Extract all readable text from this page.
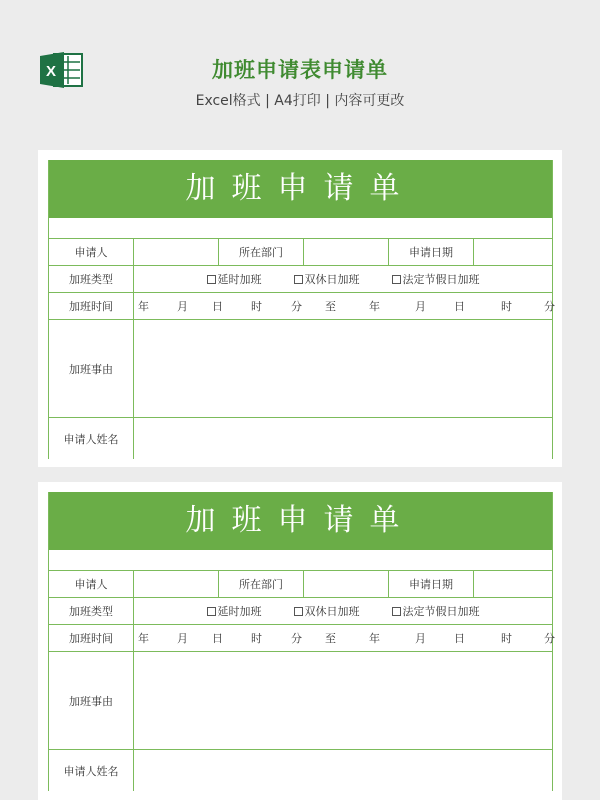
X	加班申请表申请单
Excel格式 | A4打印 | 内容可更改
加班申请单
申请人	所在部门	申请日期
加班类型	延时加班	双休日加班	法定节假日加班
加班时间	年	月 日	时	分 至	年	月	日	时	分
加班事由
申请人姓名
加班申请单
申请人	所在部门	申请日期
加班类型	延时加班	双休日加班	法定节假日加班
加班时间	年	月 日	时	分 至	年	月	日	时	分
加班事由
申请人姓名
